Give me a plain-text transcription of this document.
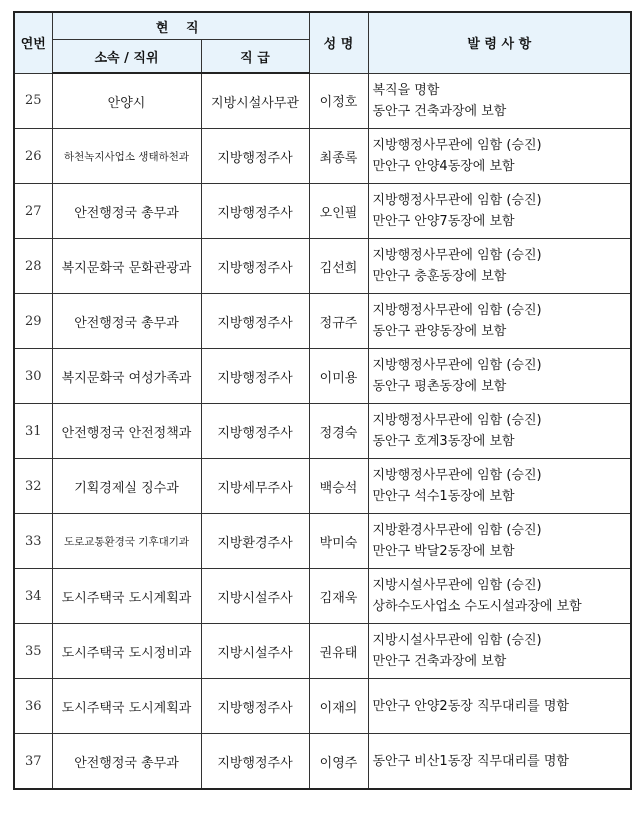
연번	현 직		성 명	발 령 사 항
	소속 / 직위	직 급		
25	안양시	지방시설사무관	이정호	복직을 명함
동안구 건축과장에 보함

26	하천녹지사업소 생태하천과	지방행정주사	최종록	지방행정사무관에 임함 (승진)
만안구 안양4동장에 보함

27	안전행정국 총무과	지방행정주사	오인필	지방행정사무관에 임함 (승진)
만안구 안양7동장에 보함

28	복지문화국 문화관광과	지방행정주사	김선희	지방행정사무관에 임함 (승진)
만안구 충훈동장에 보함

29	안전행정국 총무과	지방행정주사	정규주	지방행정사무관에 임함 (승진)
동안구 관양동장에 보함

30	복지문화국 여성가족과	지방행정주사	이미용	지방행정사무관에 임함 (승진)
동안구 평촌동장에 보함

31	안전행정국 안전정책과	지방행정주사	정경숙	지방행정사무관에 임함 (승진)
동안구 호계3동장에 보함

32	기획경제실 징수과	지방세무주사	백승석	지방행정사무관에 임함 (승진)
만안구 석수1동장에 보함

33	도로교통환경국 기후대기과	지방환경주사	박미숙	지방환경사무관에 임함 (승진)
만안구 박달2동장에 보함

34	도시주택국 도시계획과	지방시설주사	김재욱	지방시설사무관에 임함 (승진)
상하수도사업소 수도시설과장에 보함

35	도시주택국 도시정비과	지방시설주사	권유태	지방시설사무관에 임함 (승진)
만안구 건축과장에 보함

36	도시주택국 도시계획과	지방행정주사	이재의	만안구 안양2동장 직무대리를 명함

37	안전행정국 총무과	지방행정주사	이영주	동안구 비산1동장 직무대리를 명함
